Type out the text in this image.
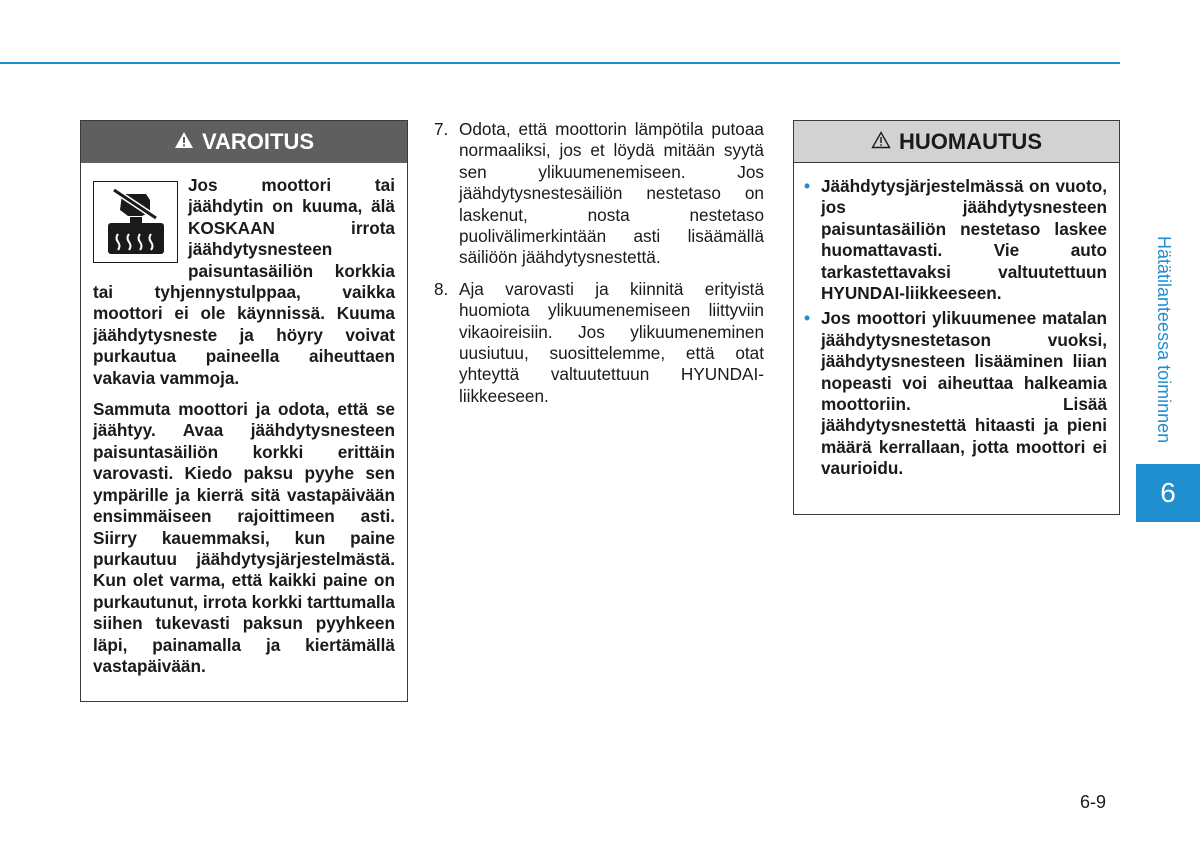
Hätätilanteessa toiminnen
6
VAROITUS

Jos moottori tai jäähdytin on kuuma, älä KOSKAAN irrota jäähdytysnesteen paisuntasäiliön korkkia tai tyhjennystulppaa, vaikka moottori ei ole käynnissä. Kuuma jäähdytysneste ja höyry voivat purkautua paineella aiheuttaen vakavia vammoja.

Sammuta moottori ja odota, että se jäähtyy. Avaa jäähdytysnesteen paisuntasäiliön korkki erittäin varovasti. Kiedo paksu pyyhe sen ympärille ja kierrä sitä vastapäivään ensimmäiseen rajoittimeen asti. Siirry kauemmaksi, kun paine purkautuu jäähdytysjärjestelmästä. Kun olet varma, että kaikki paine on purkautunut, irrota korkki tarttumalla siihen tukevasti paksun pyyhkeen läpi, painamalla ja kiertämällä vastapäivään.

7. Odota, että moottorin lämpötila putoaa normaaliksi, jos et löydä mitään syytä sen ylikuumenemiseen. Jos jäähdytysnestesäiliön nestetaso on laskenut, nosta nestetaso puolivälimerkintään asti lisäämällä säiliöön jäähdytysnestettä.
8. Aja varovasti ja kiinnitä erityistä huomiota ylikuumenemiseen liittyviin vikaoireisiin. Jos ylikuumeneminen uusiutuu, suosittelemme, että otat yhteyttä valtuutettuun HYUNDAI-liikkeeseen.
HUOMAUTUS
• Jäähdytysjärjestelmässä on vuoto, jos jäähdytysnesteen paisuntasäiliön nestetaso laskee huomattavasti. Vie auto tarkastettavaksi valtuutettuun HYUNDAI-liikkeeseen.
• Jos moottori ylikuumenee matalan jäähdytysnestetason vuoksi, jäähdytysnesteen lisääminen liian nopeasti voi aiheuttaa halkeamia moottoriin. Lisää jäähdytysnestettä hitaasti ja pieni määrä kerrallaan, jotta moottori ei vaurioidu.
6-9
